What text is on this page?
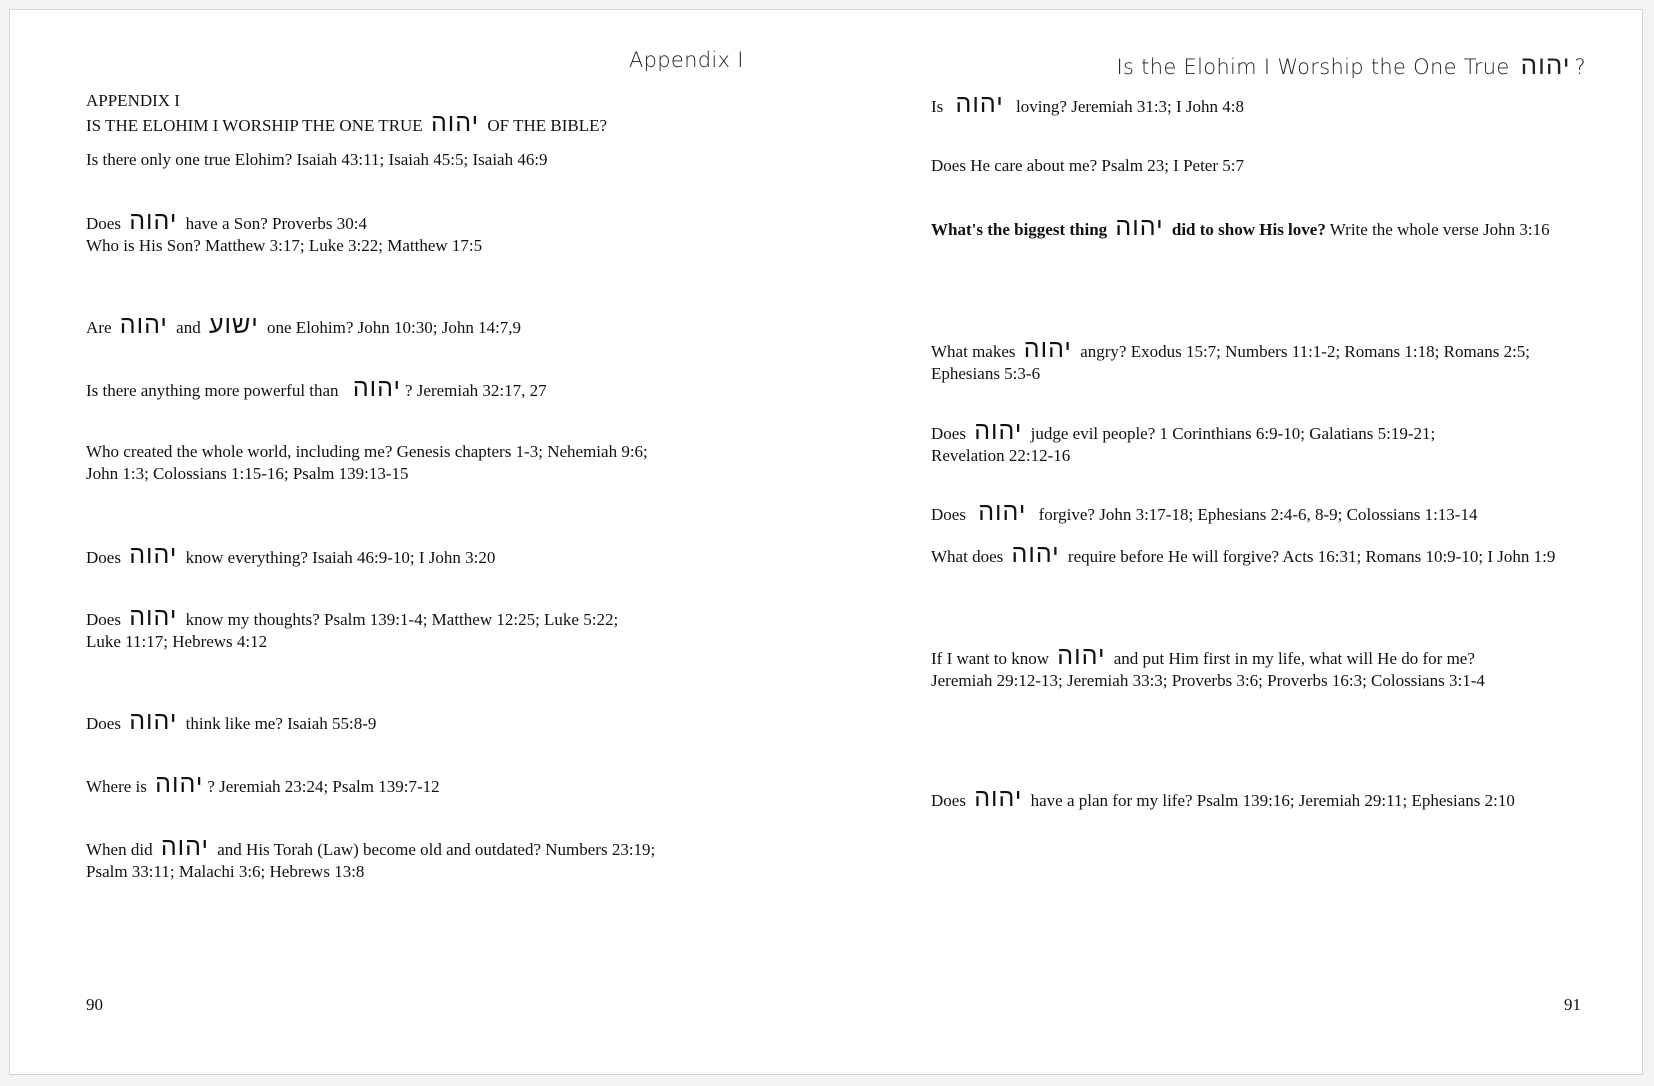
Appendix I
APPENDIX I
IS THE ELOHIM I WORSHIP THE ONE TRUE יהוה OF THE BIBLE?
Is there only one true Elohim? Isaiah 43:11; Isaiah 45:5; Isaiah 46:9
Does יהוה have a Son? Proverbs 30:4
Who is His Son? Matthew 3:17; Luke 3:22; Matthew 17:5
Are יהוה and ישוע one Elohim? John 10:30; John 14:7,9
Is there anything more powerful than יהוה ? Jeremiah 32:17, 27
Who created the whole world, including me? Genesis chapters 1-3; Nehemiah 9:6;
John 1:3; Colossians 1:15-16; Psalm 139:13-15
Does יהוה know everything? Isaiah 46:9-10; I John 3:20
Does יהוה know my thoughts? Psalm 139:1-4; Matthew 12:25; Luke 5:22;
Luke 11:17; Hebrews 4:12
Does יהוה think like me? Isaiah 55:8-9
Where is יהוה ? Jeremiah 23:24; Psalm 139:7-12
When did יהוה and His Torah (Law) become old and outdated? Numbers 23:19;
Psalm 33:11; Malachi 3:6; Hebrews 13:8
90
Is the Elohim I Worship the One True יהוה ?
Is יהוה loving? Jeremiah 31:3; I John 4:8
Does He care about me? Psalm 23; I Peter 5:7
What's the biggest thing יהוה did to show His love? Write the whole verse John 3:16
What makes יהוה angry? Exodus 15:7; Numbers 11:1-2; Romans 1:18; Romans 2:5;
Ephesians 5:3-6
Does יהוה judge evil people? 1 Corinthians 6:9-10; Galatians 5:19-21;
Revelation 22:12-16
Does יהוה forgive? John 3:17-18; Ephesians 2:4-6, 8-9; Colossians 1:13-14
What does יהוה require before He will forgive? Acts 16:31; Romans 10:9-10; I John 1:9
If I want to know יהוה and put Him first in my life, what will He do for me?
Jeremiah 29:12-13; Jeremiah 33:3; Proverbs 3:6; Proverbs 16:3; Colossians 3:1-4
Does יהוה have a plan for my life? Psalm 139:16; Jeremiah 29:11; Ephesians 2:10
91
